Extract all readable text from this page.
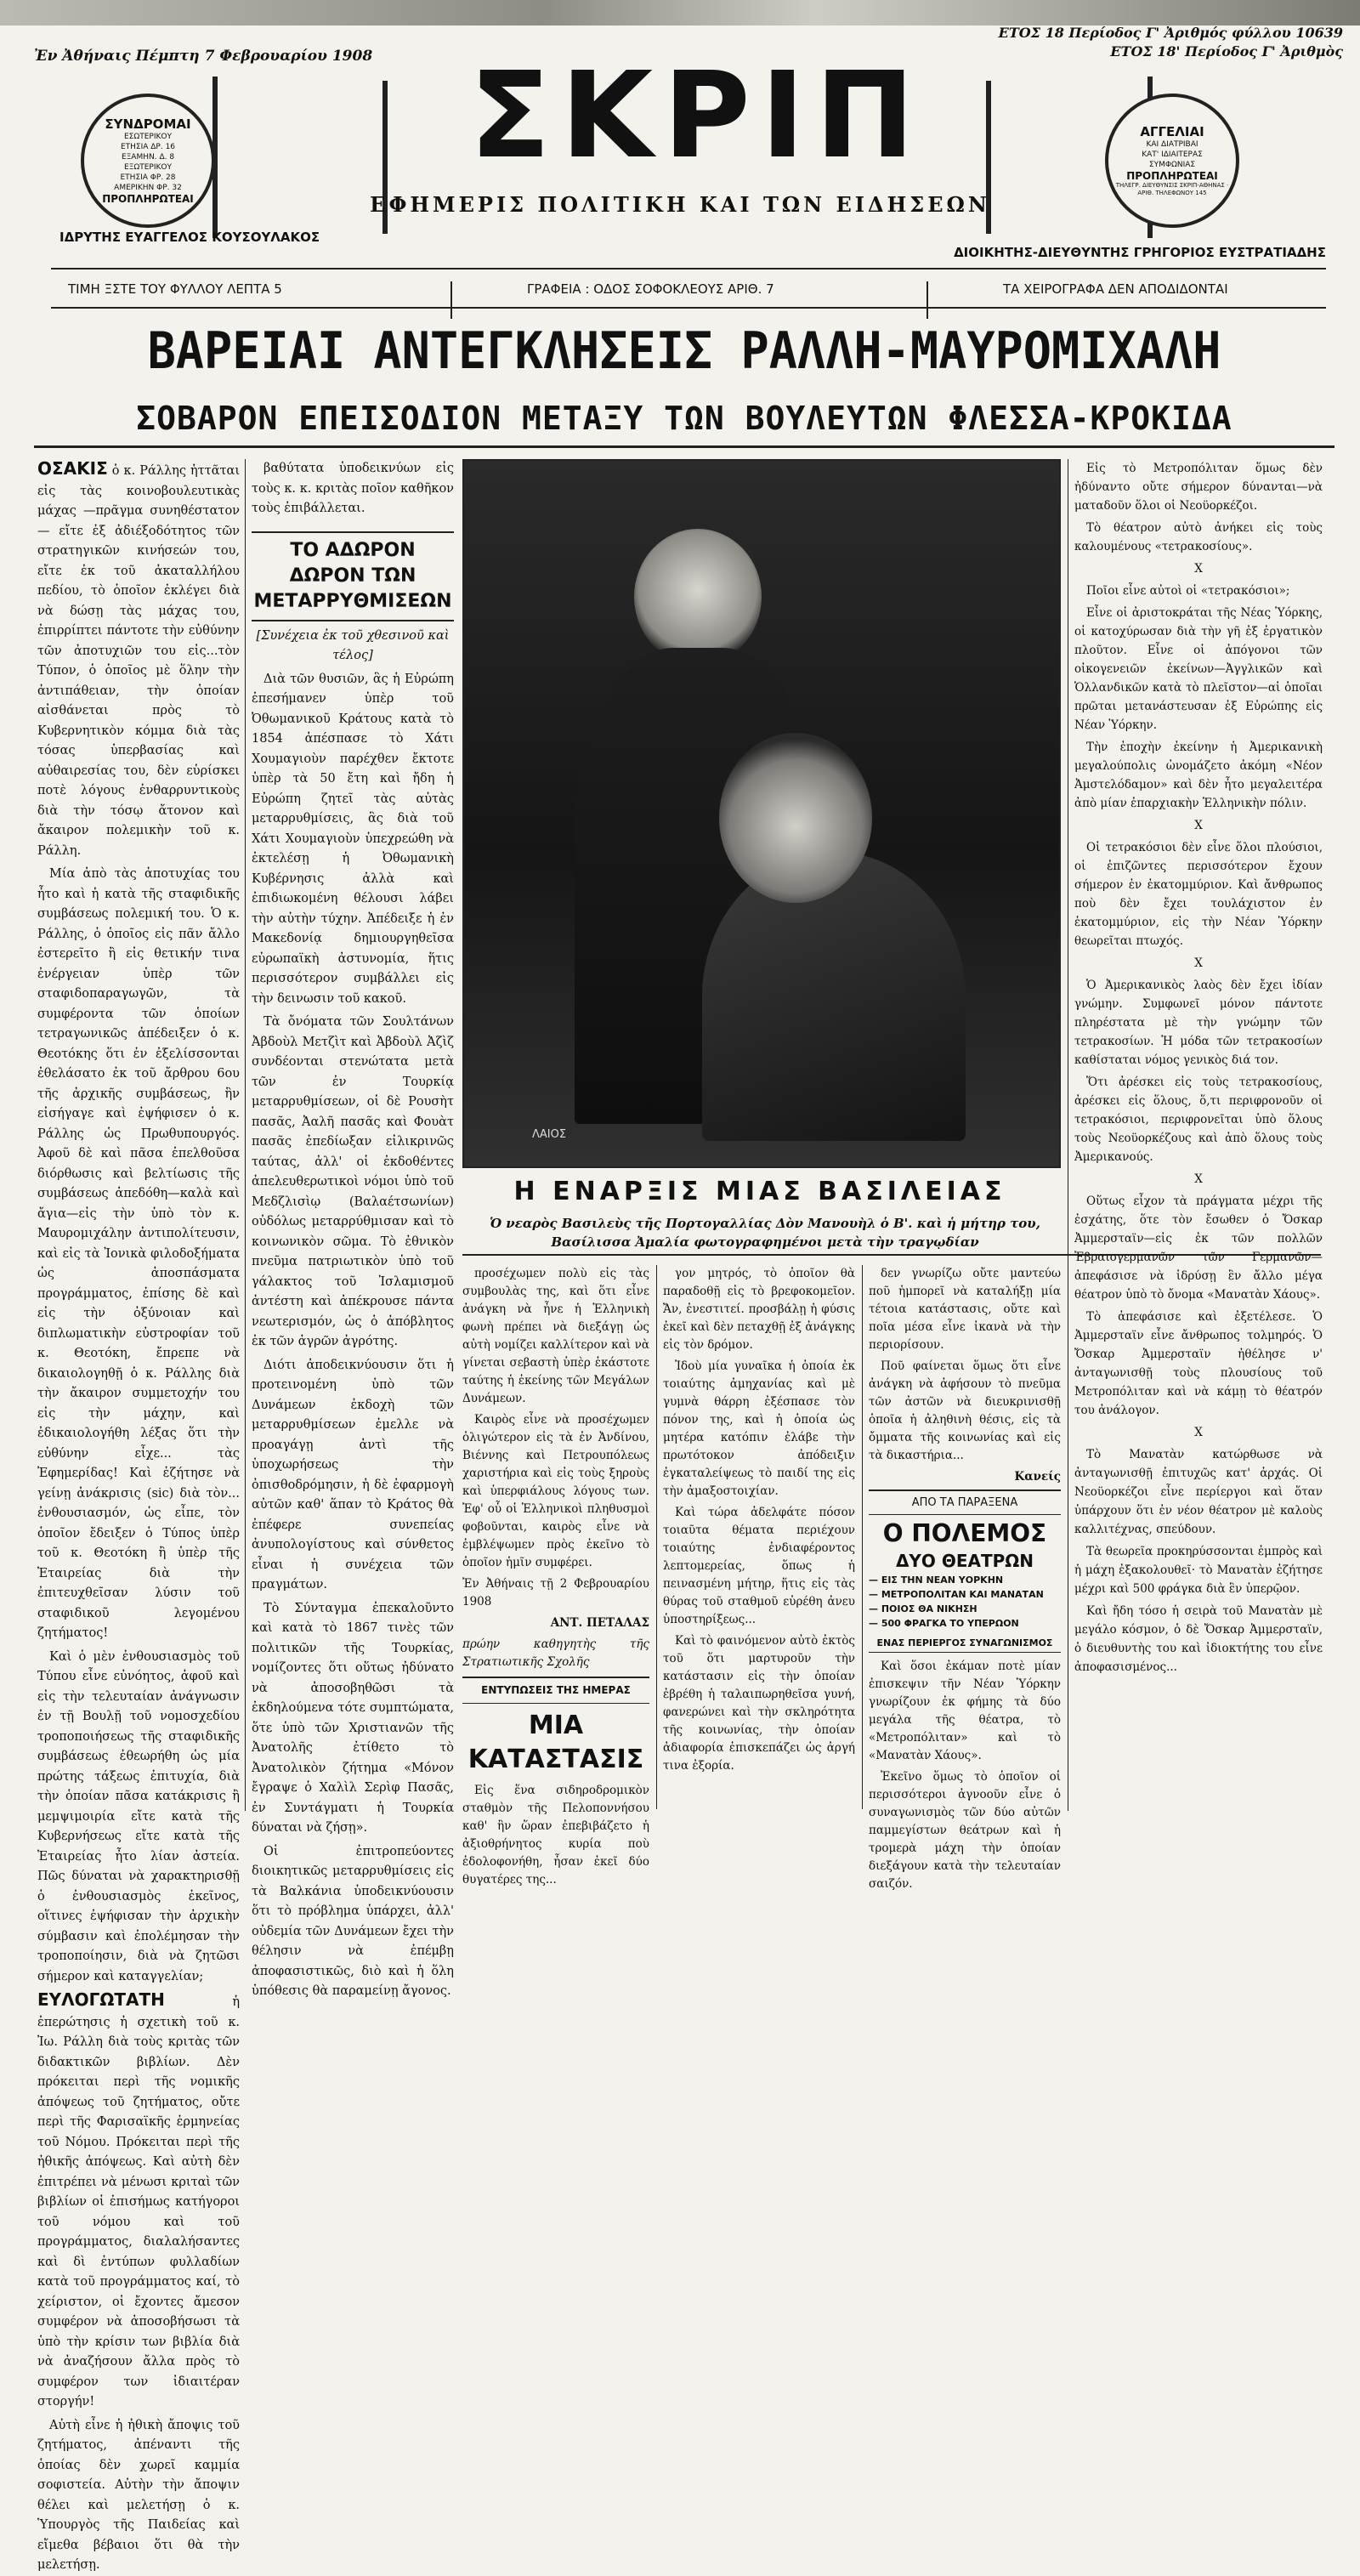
Ἐν Ἀθήναις Πέμπτη 7 Φεβρουαρίου 1908
ΕΤΟΣ 18 Περίοδος Γ' Ἀριθμός φύλλου 10639
ΕΤΟΣ 18' Περίοδος Γ' Ἀριθμὸς
ΣΥΝΔΡΟΜΑΙ
ΕΣΩΤΕΡΙΚΟΥ
ΕΤΗΣΙΑ ΔΡ. 16
ΕΞΑΜΗΝ. Δ. 8
ΕΞΩΤΕΡΙΚΟΥ
ΕΤΗΣΙΑ ΦΡ. 28
ΑΜΕΡΙΚΗΝ ΦΡ. 32
ΠΡΟΠΛΗΡΩΤΕΑΙ
ΑΓΓΕΛΙΑΙ
ΚΑΙ ΔΙΑΤΡΙΒΑΙ
ΚΑΤ' ΙΔΙΑΙΤΕΡΑΣ
ΣΥΜΦΩΝΙΑΣ
ΠΡΟΠΛΗΡΩΤΕΑΙ
ΤΗΛΕΓΡ. ΔΙΕΥΘΥΝΣΙΣ ΣΚΡΙΠ-ΑΘΗΝΑΣ · ΑΡΙΘ. ΤΗΛΕΦΩΝΟΥ 145
ΣΚΡΙΠ
ΕΦΗΜΕΡΙΣ ΠΟΛΙΤΙΚΗ ΚΑΙ ΤΩΝ ΕΙΔΗΣΕΩΝ
ΙΔΡΥΤΗΣ ΕΥΑΓΓΕΛΟΣ ΚΟΥΣΟΥΛΑΚΟΣ
ΔΙΟΙΚΗΤΗΣ-ΔΙΕΥΘΥΝΤΗΣ ΓΡΗΓΟΡΙΟΣ ΕΥΣΤΡΑΤΙΑΔΗΣ
ΤΙΜΗ ΞΣΤΕ ΤΟΥ ΦΥΛΛΟΥ ΛΕΠΤΑ 5	ΓΡΑΦΕΙΑ : ΟΔΟΣ ΣΟΦΟΚΛΕΟΥΣ ΑΡΙΘ. 7	ΤΑ ΧΕΙΡΟΓΡΑΦΑ ΔΕΝ ΑΠΟΔΙΔΟΝΤΑΙ
ΒΑΡΕΙΑΙ ΑΝΤΕΓΚΛΗΣΕΙΣ ΡΑΛΛΗ-ΜΑΥΡΟΜΙΧΑΛΗ
ΣΟΒΑΡΟΝ ΕΠΕΙΣΟΔΙΟΝ ΜΕΤΑΞΥ ΤΩΝ ΒΟΥΛΕΥΤΩΝ ΦΛΕΣΣΑ-ΚΡΟΚΙΔΑ

ΟΣΑΚΙΣ ὁ κ. Ράλλης ἡττᾶται εἰς τὰς κοινοβουλευτικὰς μάχας —πρᾶγμα συνηθέστατον— εἴτε ἐξ ἀδιέξοδότητος τῶν στρατηγικῶν κινήσεών του, εἴτε ἐκ τοῦ ἀκαταλλήλου πεδίου, τὸ ὁποῖον ἐκλέγει διὰ νὰ δώσῃ τὰς μάχας του, ἐπιρρίπτει πάντοτε τὴν εὐθύνην τῶν ἀποτυχιῶν του εἰς...τὸν Τύπον, ὁ ὁποῖος μὲ ὅλην τὴν ἀντιπάθειαν, τὴν ὁποίαν αἰσθάνεται πρὸς τὸ Κυβερνητικὸν κόμμα διὰ τὰς τόσας ὑπερβασίας καὶ αὐθαιρεσίας του, δὲν εὑρίσκει ποτὲ λόγους ἐνθαρρυντικοὺς διὰ τὴν τόσῳ ἄτονον καὶ ἄκαιρον πολεμικὴν τοῦ κ. Ράλλη.

Μία ἀπὸ τὰς ἀποτυχίας του ἦτο καὶ ἡ κατὰ τῆς σταφιδικῆς συμβάσεως πολεμική του. Ὁ κ. Ράλλης, ὁ ὁποῖος εἰς πᾶν ἄλλο ἐστερεῖτο ἢ εἰς θετικήν τινα ἐνέργειαν ὑπὲρ τῶν σταφιδοπαραγωγῶν, τὰ συμφέροντα τῶν ὁποίων τετραγωνικῶς ἀπέδειξεν ὁ κ. Θεοτόκης ὅτι ἐν ἐξελίσσονται ἐθελάσατο ἐκ τοῦ ἄρθρου 6ου τῆς ἀρχικῆς συμβάσεως, ἣν εἰσήγαγε καὶ ἐψήφισεν ὁ κ. Ράλλης ὡς Πρωθυπουργός. Ἀφοῦ δὲ καὶ πᾶσα ἐπελθοῦσα διόρθωσις καὶ βελτίωσις τῆς συμβάσεως ἀπεδόθη—καλὰ καὶ ἄγια—εἰς τὴν ὑπὸ τὸν κ. Μαυρομιχάλην ἀντιπολίτευσιν, καὶ εἰς τὰ Ἰονικὰ φιλοδοξήματα ὡς ἀποσπάσματα προγράμματος, ἐπίσης δὲ καὶ εἰς τὴν ὀξύνοιαν καὶ διπλωματικὴν εὐστροφίαν τοῦ κ. Θεοτόκη, ἔπρεπε νὰ δικαιολογηθῇ ὁ κ. Ράλλης διὰ τὴν ἄκαιρον συμμετοχήν του εἰς τὴν μάχην, καὶ ἐδικαιολογήθη λέξας ὅτι τὴν εὐθύνην εἶχε... τὰς Ἐφημερίδας! Καὶ ἐζήτησε νὰ γείνῃ ἀνάκρισις (sic) διὰ τὸν... ἐνθουσιασμόν, ὡς εἶπε, τὸν ὁποῖον ἔδειξεν ὁ Τύπος ὑπὲρ τοῦ κ. Θεοτόκη ἢ ὑπὲρ τῆς Ἑταιρείας διὰ τὴν ἐπιτευχθεῖσαν λύσιν τοῦ σταφιδικοῦ λεγομένου ζητήματος!

Καὶ ὁ μὲν ἐνθουσιασμὸς τοῦ Τύπου εἶνε εὐνόητος, ἀφοῦ καὶ εἰς τὴν τελευταίαν ἀνάγνωσιν ἐν τῇ Βουλῇ τοῦ νομοσχεδίου τροποποιήσεως τῆς σταφιδικῆς συμβάσεως ἐθεωρήθη ὡς μία πρώτης τάξεως ἐπιτυχία, διὰ τὴν ὁποίαν πᾶσα κατάκρισις ἢ μεμψιμοιρία εἴτε κατὰ τῆς Κυβερνήσεως εἴτε κατὰ τῆς Ἑταιρείας ἦτο λίαν ἀστεία. Πῶς δύναται νὰ χαρακτηρισθῇ ὁ ἐνθουσιασμὸς ἐκεῖνος, οἵτινες ἐψήφισαν τὴν ἀρχικὴν σύμβασιν καὶ ἐπολέμησαν τὴν τροποποίησιν, διὰ νὰ ζητῶσι σήμερον καὶ καταγγελίαν;

ΕΥΛΟΓΩΤΑΤΗ	ἡ ἐπερώτησις ἡ σχετικὴ τοῦ κ. Ἰω. Ράλλη διὰ τοὺς κριτὰς τῶν διδακτικῶν βιβλίων. Δὲν πρόκειται περὶ τῆς νομικῆς ἀπόψεως τοῦ ζητήματος, οὔτε περὶ τῆς Φαρισαϊκῆς ἑρμηνείας τοῦ Νόμου. Πρόκειται περὶ τῆς ἠθικῆς ἀπόψεως. Καὶ αὐτὴ δὲν ἐπιτρέπει νὰ μένωσι κριταὶ τῶν βιβλίων οἱ ἐπισήμως κατήγοροι τοῦ νόμου καὶ τοῦ προγράμματος, διαλαλήσαντες καὶ δὶ ἐντύπων φυλλαδίων κατὰ τοῦ προγράμματος καί, τὸ χείριστον, οἱ ἔχοντες ἄμεσον συμφέρον νὰ ἀποσοβήσωσι τὰ ὑπὸ τὴν κρίσιν των βιβλία διὰ νὰ ἀναζήσουν ἄλλα πρὸς τὸ συμφέρον των ἰδιαιτέραν στοργήν!

Αὐτὴ εἶνε ἡ ἠθικὴ ἄποψις τοῦ ζητήματος, ἀπέναντι τῆς ὁποίας δὲν χωρεῖ καμμία σοφιστεία. Αὐτὴν τὴν ἄποψιν θέλει καὶ μελετήσῃ ὁ κ. Ὑπουργὸς τῆς Παιδείας καὶ εἴμεθα βέβαιοι ὅτι θὰ τὴν μελετήσῃ.

βαθύτατα ὑποδεικνύων εἰς τοὺς κ. κ. κριτὰς ποῖον καθῆκον τοὺς ἐπιβάλλεται.

ΤΟ ΑΔΩΡΟΝ ΔΩΡΟΝ ΤΩΝ ΜΕΤΑΡΡΥΘΜΙΣΕΩΝ

[Συνέχεια ἐκ τοῦ χθεσινοῦ καὶ τέλος]

Διὰ τῶν θυσιῶν, ἃς ἡ Εὐρώπη ἐπεσήμανεν ὑπὲρ τοῦ Ὀθωμανικοῦ Κράτους κατὰ τὸ 1854 ἀπέσπασε τὸ Χάτι Χουμαγιοὺν παρέχθεν ἔκτοτε ὑπὲρ τὰ 50 ἔτη καὶ ἤδη ἡ Εὐρώπη ζητεῖ τὰς αὐτὰς μεταρρυθμίσεις, ἃς διὰ τοῦ Χάτι Χουμαγιοὺν ὑπεχρεώθη νὰ ἐκτελέσῃ ἡ Ὀθωμανικὴ Κυβέρνησις ἀλλὰ καὶ ἐπιδιωκομένη θέλουσι λάβει τὴν αὐτὴν τύχην. Ἀπέδειξε ἡ ἐν Μακεδονίᾳ δημιουργηθεῖσα εὐρωπαϊκὴ ἀστυνομία, ἥτις περισσότερον συμβάλλει εἰς τὴν δεινωσιν τοῦ κακοῦ.

Τὰ ὄνόματα τῶν Σουλτάνων Ἀβδοὺλ Μετζὶτ καὶ Ἀβδοὺλ Ἀζὶζ συνδέονται στενώτατα μετὰ τῶν ἐν Τουρκίᾳ μεταρρυθμίσεων, οἱ δὲ Ρουσὴτ πασᾶς, Ἀαλῆ πασᾶς καὶ Φουὰτ πασᾶς ἐπεδίωξαν εἰλικρινῶς ταύτας, ἀλλ' οἱ ἐκδοθέντες ἀπελευθερωτικοὶ νόμοι ὑπὸ τοῦ Μεδζλισὶῳ (Βαλαέτσωνίων) οὐδόλως μεταρρύθμισαν καὶ τὸ κοινωνικὸν σῶμα. Τὸ ἐθνικὸν πνεῦμα πατριωτικὸν ὑπὸ τοῦ γάλακτος τοῦ Ἰσλαμισμοῦ ἀντέστη καὶ ἀπέκρουσε πάντα νεωτερισμόν, ὡς ὁ ἀπόβλητος ἐκ τῶν ἀγρῶν ἀγρότης.

Διότι ἀποδεικνύουσιν ὅτι ἡ προτεινομένη ὑπὸ τῶν Δυνάμεων ἐκδοχὴ τῶν μεταρρυθμίσεων ἐμελλε νὰ προαγάγῃ ἀντὶ τῆς ὑποχωρήσεως τὴν ὀπισθοδρόμησιν, ἡ δὲ ἐφαρμογὴ αὐτῶν καθ' ἅπαν τὸ Κράτος θὰ ἐπέφερε συνεπείας ἀνυπολογίστους καὶ σύνθετος εἶναι ἡ συνέχεια τῶν πραγμάτων.

Τὸ Σύνταγμα ἐπεκαλοῦντο καὶ κατὰ τὸ 1867 τινὲς τῶν πολιτικῶν τῆς Τουρκίας, νομίζοντες ὅτι οὕτως ἠδύνατο νὰ ἀποσοβηθῶσι τὰ ἐκδηλούμενα τότε συμπτώματα, ὅτε ὑπὸ τῶν Χριστιανῶν τῆς Ἀνατολῆς ἐτίθετο τὸ Ἀνατολικὸν ζήτημα «Μόνον ἔγραψε ὁ Χαλὶλ Σερὶφ Πασᾶς, ἐν Συντάγματι ἡ Τουρκία δύναται νὰ ζήσῃ».

Οἱ ἐπιτροπεύοντες διοικητικῶς μεταρρυθμίσεις εἰς τὰ Βαλκάνια ὑποδεικνύουσιν ὅτι τὸ πρόβλημα ὑπάρχει, ἀλλ' οὐδεμία τῶν Δυνάμεων ἔχει τὴν θέλησιν νὰ ἐπέμβῃ ἀποφασιστικῶς, διὸ καὶ ἡ ὅλη ὑπόθεσις θὰ παραμείνῃ ἄγονος.

ΛΑΙΟΣ
Η ΕΝΑΡΞΙΣ ΜΙΑΣ ΒΑΣΙΛΕΙΑΣ
Ὁ νεαρὸς Βασιλεὺς τῆς Πορτογαλλίας Δὸν Μανουὴλ ὁ Β'. καὶ ἡ μήτηρ του, Βασίλισσα Ἀμαλία φωτογραφημένοι μετὰ τὴν τραγῳδίαν

Εἰς τὸ Μετροπόλιταν ὅμως δὲν ἠδύναντο οὔτε σήμερον δύνανται—νὰ ματαδοῦν ὅλοι οἱ Νεοϋορκέζοι.

Τὸ θέατρον αὐτὸ ἀνήκει εἰς τοὺς καλουμένους «τετρακοσίους».

Χ

Ποῖοι εἶνε αὐτοὶ οἱ «τετρακόσιοι»;

Εἶνε οἱ ἀριστοκράται τῆς Νέας Ὑόρκης, οἱ κατοχύρωσαν διὰ τὴν γῆ ἐξ ἐργατικὸν πλοῦτον. Εἶνε οἱ ἀπόγονοι τῶν οἰκογενειῶν ἐκείνων—Ἀγγλικῶν καὶ Ὁλλανδικῶν κατὰ τὸ πλεῖστον—αἱ ὁποῖαι πρῶται μετανάστευσαν ἐξ Εὐρώπης εἰς Νέαν Ὑόρκην.

Τὴν ἐποχὴν ἐκείνην ἡ Ἀμερικανικὴ μεγαλούπολις ὠνομάζετο ἀκόμη «Νέον Ἀμστελόδαμον» καὶ δὲν ἦτο μεγαλειτέρα ἀπὸ μίαν ἐπαρχιακὴν Ἑλληνικὴν πόλιν.

Χ

Οἱ τετρακόσιοι δὲν εἶνε ὅλοι πλούσιοι, οἱ ἐπιζῶντες περισσότερον ἔχουν σήμερον ἐν ἐκατομμύριον. Καὶ ἄνθρωπος ποὺ δὲν ἔχει τουλάχιστον ἐν ἑκατομμύριον, εἰς τὴν Νέαν Ὑόρκην θεωρεῖται πτωχός.

Χ

Ὁ Ἀμερικανικὸς λαὸς δὲν ἔχει ἰδίαν γνώμην. Συμφωνεῖ μόνον πάντοτε πληρέστατα μὲ τὴν γνώμην τῶν τετρακοσίων. Ἡ μόδα τῶν τετρακοσίων καθίσταται νόμος γενικὸς διά τον.

Ὅτι ἀρέσκει εἰς τοὺς τετρακοσίους, ἀρέσκει εἰς ὅλους, ὅ,τι περιφρονοῦν οἱ τετρακόσιοι, περιφρονεῖται ὑπὸ ὅλους τοὺς Νεοϋορκέζους καὶ ἀπὸ ὅλους τοὺς Ἀμερικανούς.

Χ

Οὕτως εἶχον τὰ πράγματα μέχρι τῆς ἐσχάτης, ὅτε τὸν ἔσωθεν ὁ Ὄσκαρ Ἀμμερσταϊν—εἰς ἐκ τῶν πολλῶν Ἐβραιογερμανῶν τῶν Γερμανῶν—ἀπεφάσισε νὰ ἱδρύσῃ ἓν ἄλλο μέγα θέατρον ὑπὸ τὸ ὄνομα «Μανατὰν Χάους».

Τὸ ἀπεφάσισε καὶ ἐξετέλεσε. Ὁ Ἀμμερσταϊν εἶνε ἄνθρωπος τολμηρός. Ὁ Ὄσκαρ Ἀμμερσταϊν ἠθέλησε ν' ἀνταγωνισθῇ τοὺς πλουσίους τοῦ Μετροπόλιταν καὶ νὰ κάμῃ τὸ θέατρόν του ἀνάλογον.

Χ

Τὸ Μανατὰν κατώρθωσε νὰ ἀνταγωνισθῇ ἐπιτυχῶς κατ' ἀρχάς. Οἱ Νεοϋορκέζοι εἶνε περίεργοι καὶ ὅταν ὑπάρχουν ὅτι ἐν νέον θέατρον μὲ καλοὺς καλλιτέχνας, σπεύδουν.

Τὰ θεωρεῖα προκηρύσσονται ἐμπρὸς καὶ ἡ μάχη ἐξακολουθεῖ· τὸ Μανατὰν ἐζήτησε μέχρι καὶ 500 φράγκα διὰ ἓν ὑπερῷον.

Καὶ ἤδη τόσο ἡ σειρὰ τοῦ Μανατὰν μὲ μεγάλο κόσμον, ὁ δὲ Ὄσκαρ Ἀμμερσταϊν, ὁ διευθυντὴς του καὶ ἰδιοκτήτης του εἶνε ἀποφασισμένος...

προσέχωμεν πολὺ εἰς τὰς συμβουλὰς της, καὶ ὅτι εἶνε ἀνάγκη νὰ ἦνε ἡ Ἑλληνικὴ φωνὴ πρέπει νὰ διεξάγῃ ὡς αὐτὴ νομίζει καλλίτερον καὶ νὰ γίνεται σεβαστὴ ὑπὲρ ἑκάστοτε ταύτης ἡ ἐκείνης τῶν Μεγάλων Δυνάμεων.

Καιρὸς εἶνε νὰ προσέχωμεν ὀλιγώτερον εἰς τὰ ἐν Ἀνδίνου, Βιέννης καὶ Πετρουπόλεως χαριστήρια καὶ εἰς τοὺς ξηροὺς καὶ ὑπερφιάλους λόγους των. Ἐφ' οὗ οἱ Ἑλληνικοὶ πληθυσμοὶ φοβοῦνται, καιρὸς εἶνε νὰ ἐμβλέψωμεν πρὸς ἐκεῖνο τὸ ὁποῖον ἡμῖν συμφέρει.

Ἐν Ἀθήναις τῇ 2 Φεβρουαρίου 1908

ΑΝΤ. ΠΕΤΑΛΑΣ

πρώην καθηγητὴς τῆς Στρατιωτικῆς Σχολῆς

ΕΝΤΥΠΩΣΕΙΣ ΤΗΣ ΗΜΕΡΑΣ
ΜΙΑ ΚΑΤΑΣΤΑΣΙΣ

Εἰς ἕνα σιδηροδρομικὸν σταθμὸν τῆς Πελοποννήσου καθ' ἣν ὥραν ἐπεβιβάζετο ἡ ἀξιοθρήνητος κυρία ποὺ ἐδολοφονήθη, ἦσαν ἐκεῖ δύο θυγατέρες της...

γον μητρός, τὸ ὁποῖον θὰ παραδοθῇ εἰς τὸ βρεφοκομεῖον. Ἄν, ἐνεστιτεί. προσβάλῃ ἡ φύσις ἐκεῖ καὶ δὲν πεταχθῇ ἐξ ἀνάγκης εἰς τὸν δρόμον.

Ἰδοὺ μία γυναῖκα ἡ ὁποία ἐκ τοιαύτης ἀμηχανίας καὶ μὲ γυμνὰ θάρρη ἐξέσπασε τὸν πόνον της, καὶ ἡ ὁποία ὡς μητέρα κατόπιν ἐλάβε τὴν πρωτότοκον ἀπόδειξιν ἐγκαταλείψεως τὸ παιδί της εἰς τὴν ἀμαξοστοιχίαν.

Καὶ τώρα ἀδελφάτε πόσον τοιαῦτα θέματα περιέχουν τοιαύτης ἐνδιαφέροντος λεπτομερείας, ὅπως ἡ πεινασμένη μήτηρ, ἥτις εἰς τὰς θύρας τοῦ σταθμοῦ εὑρέθη ἀνευ ὑποστηρίξεως...

Καὶ τὸ φαινόμενον αὐτὸ ἐκτὸς τοῦ ὅτι μαρτυροῦν τὴν κατάστασιν εἰς τὴν ὁποίαν ἐβρέθη ἡ ταλαιπωρηθεῖσα γυνή, φανερώνει καὶ τὴν σκληρότητα τῆς κοινωνίας, τὴν ὁποίαν ἀδιαφορία ἐπισκεπάζει ὡς ἀργή τινα ἐξορία.

δεν γνωρίζω οὔτε μαντεύω ποῦ ἡμπορεῖ νὰ καταλήξῃ μία τέτοια κατάστασις, οὔτε καὶ ποῖα μέσα εἶνε ἱκανὰ νὰ τὴν περιορίσουν.

Ποῦ φαίνεται ὅμως ὅτι εἶνε ἀνάγκη νὰ ἀφήσουν τὸ πνεῦμα τῶν ἀστῶν νὰ διευκρινισθῇ ὁποῖα ἡ ἀληθινὴ θέσις, εἰς τὰ ὄμματα τῆς κοινωνίας καὶ εἰς τὰ δικαστήρια...

Κανείς

ΑΠΟ ΤΑ ΠΑΡΑΞΕΝΑ
Ο ΠΟΛΕΜΟΣ
ΔΥΟ ΘΕΑΤΡΩΝ
— ΕΙΣ ΤΗΝ ΝΕΑΝ ΥΟΡΚΗΝ
— ΜΕΤΡΟΠΟΛΙΤΑΝ ΚΑΙ ΜΑΝΑΤΑΝ
— ΠΟΙΟΣ ΘΑ ΝΙΚΗΣΗ
— 500 ΦΡΑΓΚΑ ΤΟ ΥΠΕΡΩΟΝ
ΕΝΑΣ ΠΕΡΙΕΡΓΟΣ ΣΥΝΑΓΩΝΙΣΜΟΣ

Καὶ ὅσοι ἐκάμαν ποτὲ μίαν ἐπισκεψιν τῆν Νέαν Ὑόρκην γνωρίζουν ἐκ φήμης τὰ δύο μεγάλα τῆς θέατρα, τὸ «Μετροπόλιταν» καὶ τὸ «Μανατὰν Χάους».

Ἐκεῖνο ὅμως τὸ ὁποῖον οἱ περισσότεροι ἀγνοοῦν εἶνε ὁ συναγωνισμὸς τῶν δύο αὐτῶν παμμεγίστων θεάτρων καὶ ἡ τρομερὰ μάχη τὴν ὁποίαν διεξάγουν κατὰ τὴν τελευταίαν σαιζόν.
